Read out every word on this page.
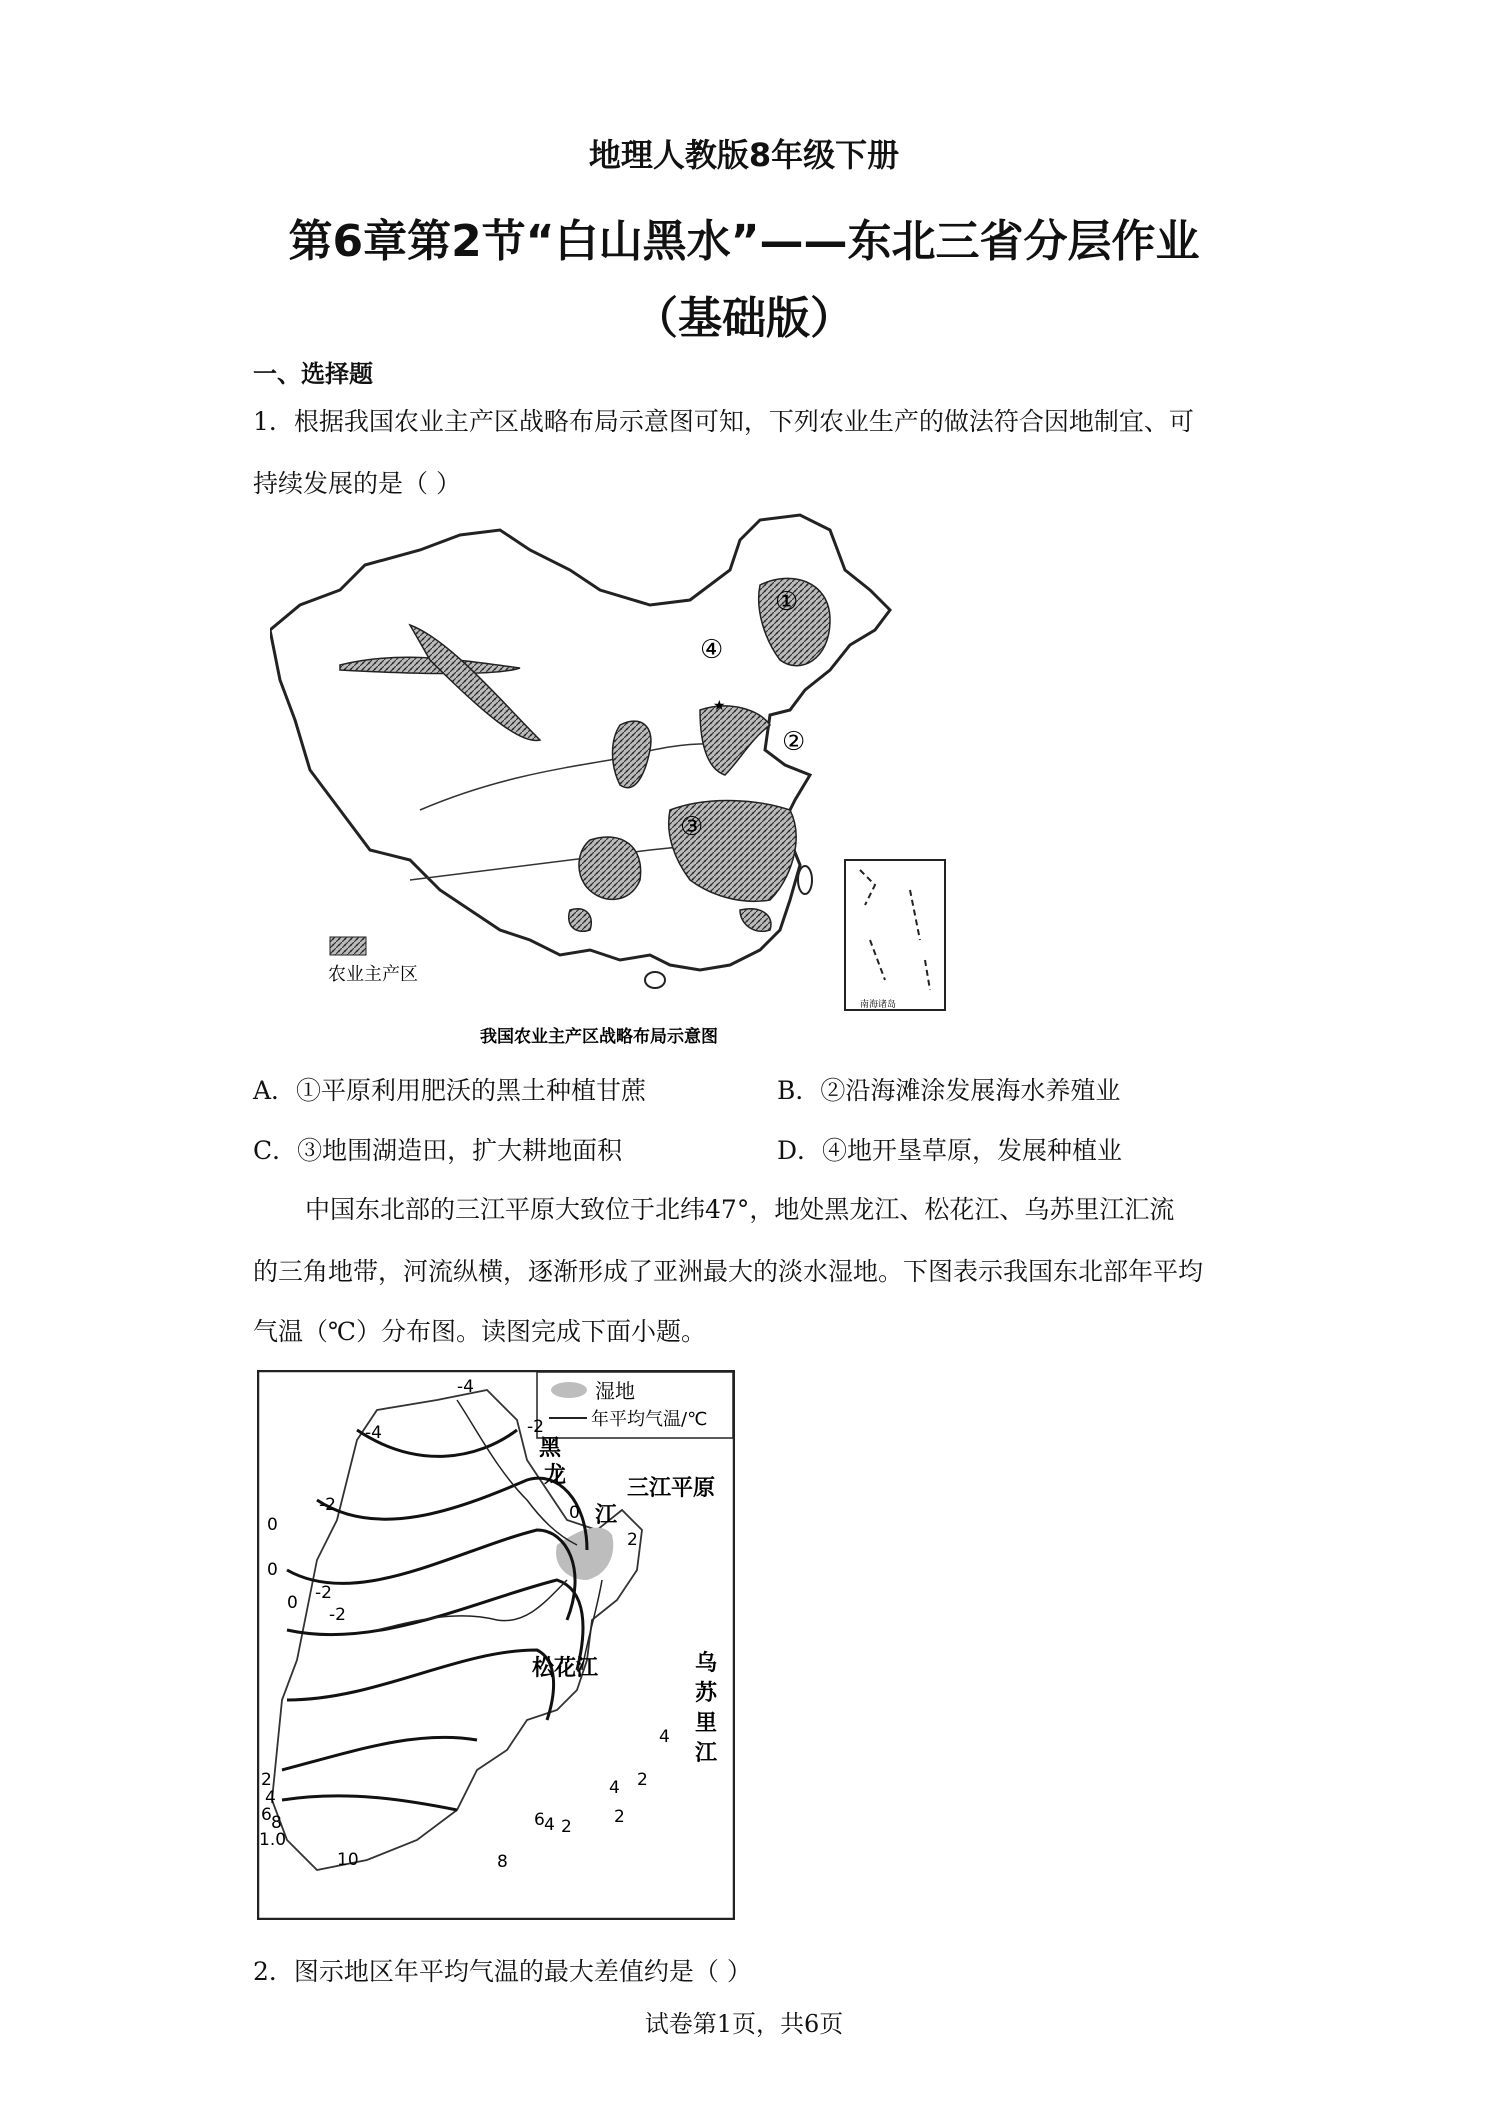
地理人教版8年级下册
第6章第2节“白山黑水”——东北三省分层作业
（基础版）
一、选择题
1．根据我国农业主产区战略布局示意图可知，下列农业生产的做法符合因地制宜、可
持续发展的是（ ）
★
①
②
③
④
南海诸岛
农业主产区
我国农业主产区战略布局示意图
A．①平原利用肥沃的黑土种植甘蔗	B．②沿海滩涂发展海水养殖业
C．③地围湖造田，扩大耕地面积	D．④地开垦草原，发展种植业
中国东北部的三江平原大致位于北纬47°，地处黑龙江、松花江、乌苏里江汇流
的三角地带，河流纵横，逐渐形成了亚洲最大的淡水湿地。下图表示我国东北部年平均
气温（℃）分布图。读图完成下面小题。
湿地
年平均气温/℃
黑
龙
江
三江平原
松花江	乌
苏
里
江
-4
-4	-2
-2
0
0
2
0
-2
0
-2
2
4
6 8
1.0
10	8
6 4 2
4
2
2
4
2．图示地区年平均气温的最大差值约是（ ）
试卷第1页，共6页
